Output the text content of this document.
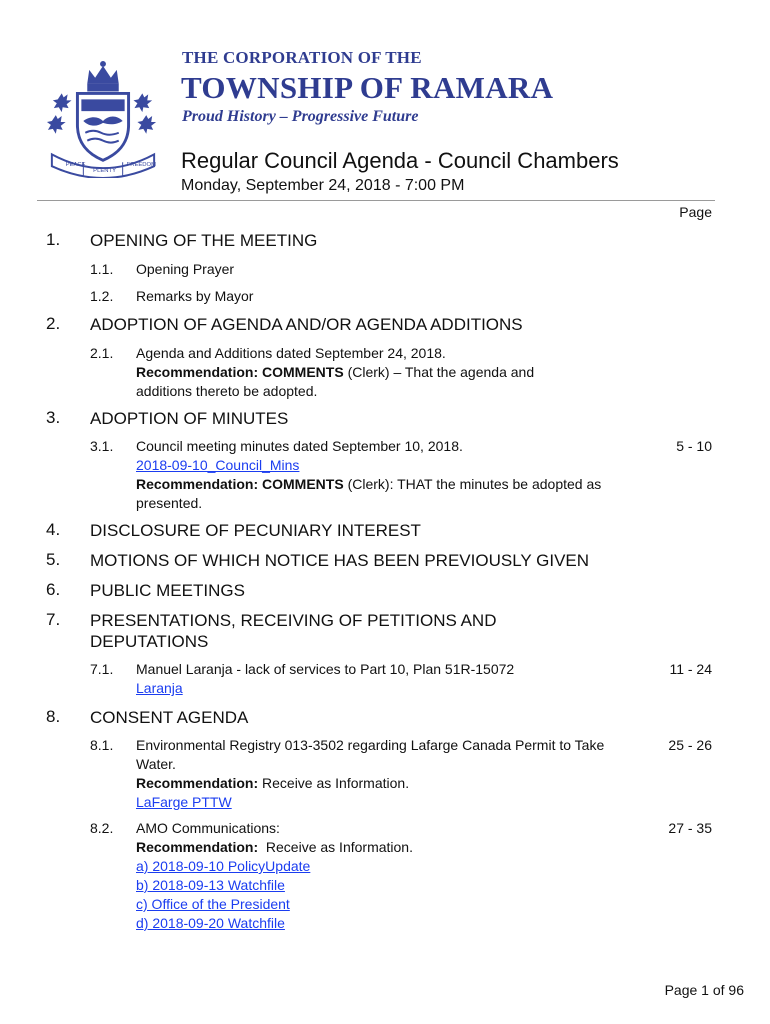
PEACE
PLENTY
FREEDOM
THE CORPORATION OF THE
TOWNSHIP OF RAMARA
Proud History – Progressive Future
Regular Council Agenda - Council Chambers
Monday, September 24, 2018 - 7:00 PM
Page
1. OPENING OF THE MEETING
1.1. Opening Prayer
1.2. Remarks by Mayor
2. ADOPTION OF AGENDA AND/OR AGENDA ADDITIONS
2.1. Agenda and Additions dated September 24, 2018.
Recommendation: COMMENTS (Clerk) – That the agenda and additions thereto be adopted.
3. ADOPTION OF MINUTES
3.1. Council meeting minutes dated September 10, 2018.
2018-09-10_Council_Mins
Recommendation: COMMENTS (Clerk): THAT the minutes be adopted as presented.
5 - 10
4. DISCLOSURE OF PECUNIARY INTEREST
5. MOTIONS OF WHICH NOTICE HAS BEEN PREVIOUSLY GIVEN
6. PUBLIC MEETINGS
7. PRESENTATIONS, RECEIVING OF PETITIONS AND DEPUTATIONS
7.1. Manuel Laranja - lack of services to Part 10, Plan 51R-15072
Laranja
11 - 24
8. CONSENT AGENDA
8.1. Environmental Registry 013-3502 regarding Lafarge Canada Permit to Take Water.
Recommendation: Receive as Information.
LaFarge PTTW
25 - 26
8.2. AMO Communications:
Recommendation:  Receive as Information.
a) 2018-09-10 PolicyUpdate
b) 2018-09-13 Watchfile
c) Office of the President
d) 2018-09-20 Watchfile
27 - 35
Page 1 of 96
